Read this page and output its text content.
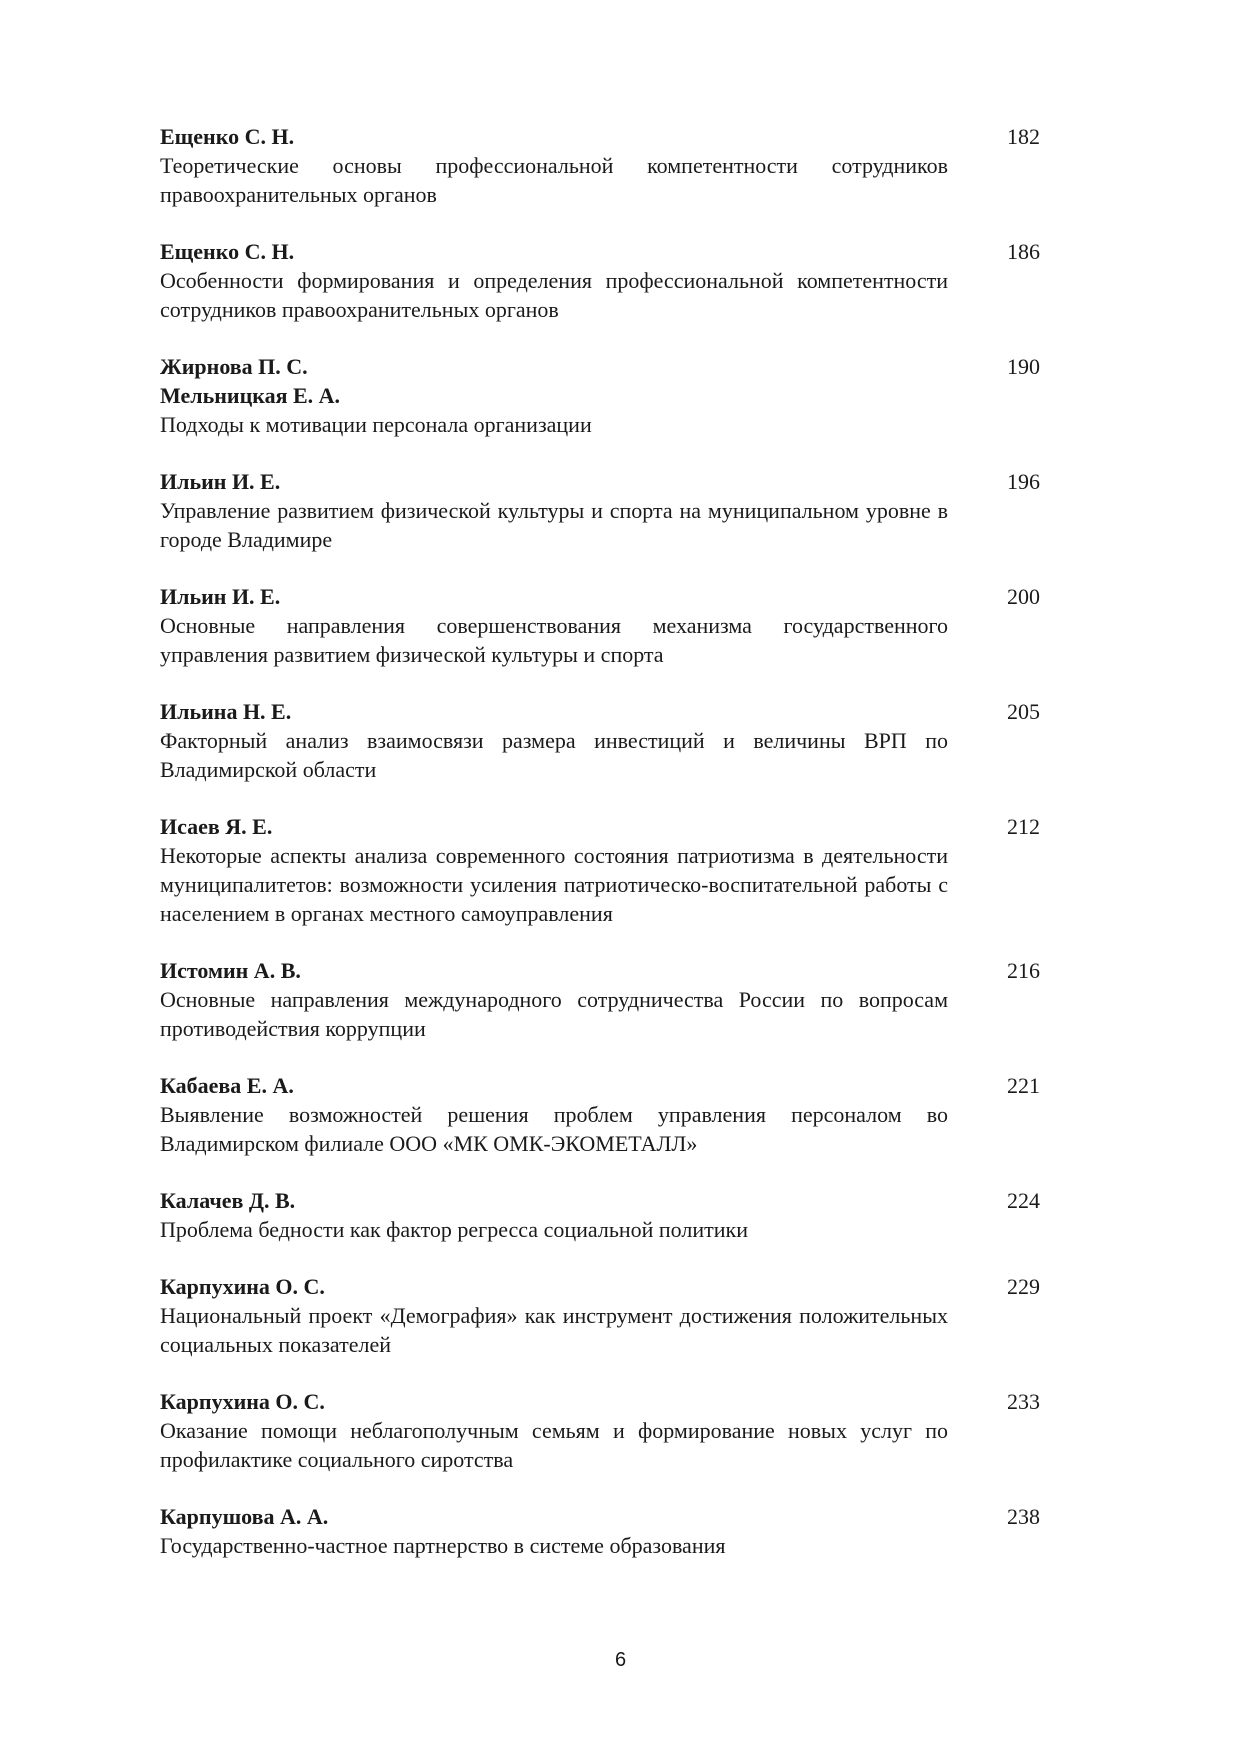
Ещенко С. Н.
Теоретические основы профессиональной компетентности сотрудников правоохранительных органов
182
Ещенко С. Н.
Особенности формирования и определения профессиональной компетентности сотрудников правоохранительных органов
186
Жирнова П. С.
Мельницкая Е. А.
Подходы к мотивации персонала организации
190
Ильин И. Е.
Управление развитием физической культуры и спорта на муниципальном уровне в городе Владимире
196
Ильин И. Е.
Основные направления совершенствования механизма государственного управления развитием физической культуры и спорта
200
Ильина Н. Е.
Факторный анализ взаимосвязи размера инвестиций и величины ВРП по Владимирской области
205
Исаев Я. Е.
Некоторые аспекты анализа современного состояния патриотизма в деятельности муниципалитетов: возможности усиления патриотическо-воспитательной работы с населением в органах местного самоуправления
212
Истомин А. В.
Основные направления международного сотрудничества России по вопросам противодействия коррупции
216
Кабаева Е. А.
Выявление возможностей решения проблем управления персоналом во Владимирском филиале ООО «МК ОМК-ЭКОМЕТАЛЛ»
221
Калачев Д. В.
Проблема бедности как фактор регресса социальной политики
224
Карпухина О. С.
Национальный проект «Демография» как инструмент достижения положительных социальных показателей
229
Карпухина О. С.
Оказание помощи неблагополучным семьям и формирование новых услуг по профилактике социального сиротства
233
Карпушова А. А.
Государственно-частное партнерство в системе образования
238
6
